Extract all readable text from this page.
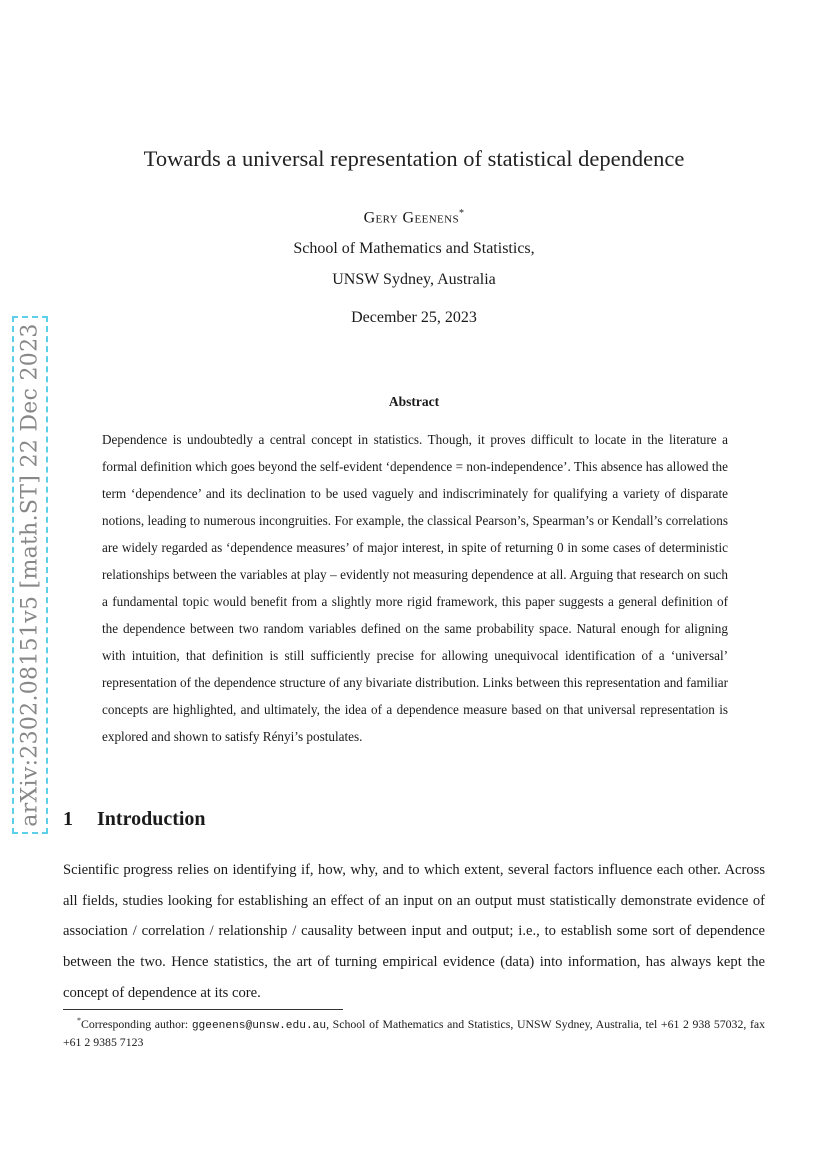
arXiv:2302.08151v5 [math.ST] 22 Dec 2023
Towards a universal representation of statistical dependence
Gery Geenens*
School of Mathematics and Statistics,
UNSW Sydney, Australia
December 25, 2023
Abstract

Dependence is undoubtedly a central concept in statistics. Though, it proves difficult to locate in the literature a formal definition which goes beyond the self-evident ‘dependence = non-independence’. This absence has allowed the term ‘dependence’ and its declination to be used vaguely and indiscriminately for qualifying a variety of disparate notions, leading to numerous incongruities. For example, the classical Pearson’s, Spearman’s or Kendall’s correlations are widely regarded as ‘dependence measures’ of major interest, in spite of returning 0 in some cases of deterministic relationships between the variables at play – evidently not measuring dependence at all. Arguing that research on such a fundamental topic would benefit from a slightly more rigid framework, this paper suggests a general definition of the dependence between two random variables defined on the same probability space. Natural enough for aligning with intuition, that definition is still sufficiently precise for allowing unequivocal identification of a ‘universal’ representation of the dependence structure of any bivariate distribution. Links between this representation and familiar concepts are highlighted, and ultimately, the idea of a dependence measure based on that universal representation is explored and shown to satisfy Rényi’s postulates.

1 Introduction

Scientific progress relies on identifying if, how, why, and to which extent, several factors influence each other. Across all fields, studies looking for establishing an effect of an input on an output must statistically demonstrate evidence of association / correlation / relationship / causality between input and output; i.e., to establish some sort of dependence between the two. Hence statistics, the art of turning empirical evidence (data) into information, has always kept the concept of dependence at its core.

*Corresponding author: ggeenens@unsw.edu.au, School of Mathematics and Statistics, UNSW Sydney, Australia, tel +61 2 938 57032, fax +61 2 9385 7123
